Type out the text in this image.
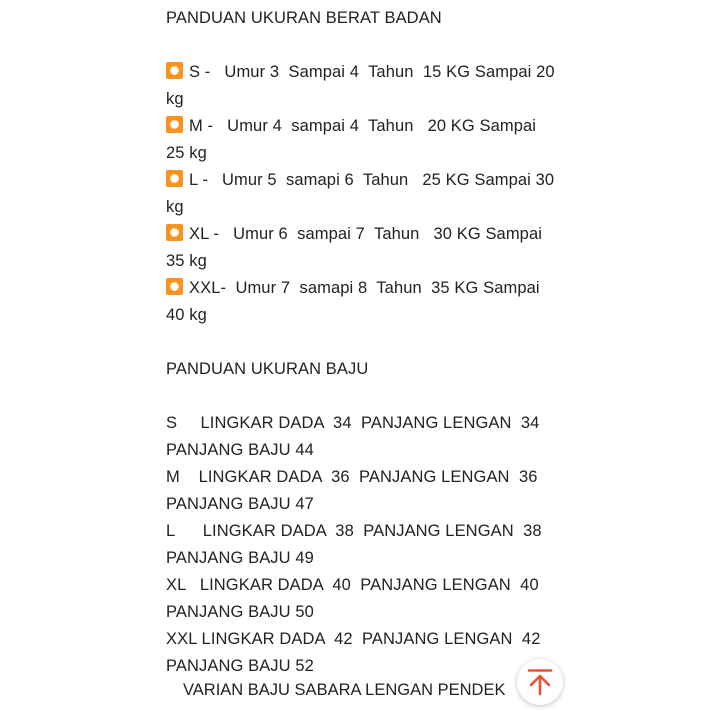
PANDUAN UKURAN BERAT BADAN
S -   Umur 3  Sampai 4  Tahun  15 KG Sampai 20
kg
M -   Umur 4  sampai 4  Tahun   20 KG Sampai
25 kg
L -   Umur 5  samapi 6  Tahun   25 KG Sampai 30
kg
XL -   Umur 6  sampai 7  Tahun   30 KG Sampai
35 kg
XXL-  Umur 7  samapi 8  Tahun  35 KG Sampai
40 kg
PANDUAN UKURAN BAJU
S     LINGKAR DADA  34  PANJANG LENGAN  34
PANJANG BAJU 44
M    LINGKAR DADA  36  PANJANG LENGAN  36
PANJANG BAJU 47
L      LINGKAR DADA  38  PANJANG LENGAN  38
PANJANG BAJU 49
XL   LINGKAR DADA  40  PANJANG LENGAN  40
PANJANG BAJU 50
XXL LINGKAR DADA  42  PANJANG LENGAN  42
PANJANG BAJU 52
VARIAN BAJU SABARA LENGAN PENDEK
